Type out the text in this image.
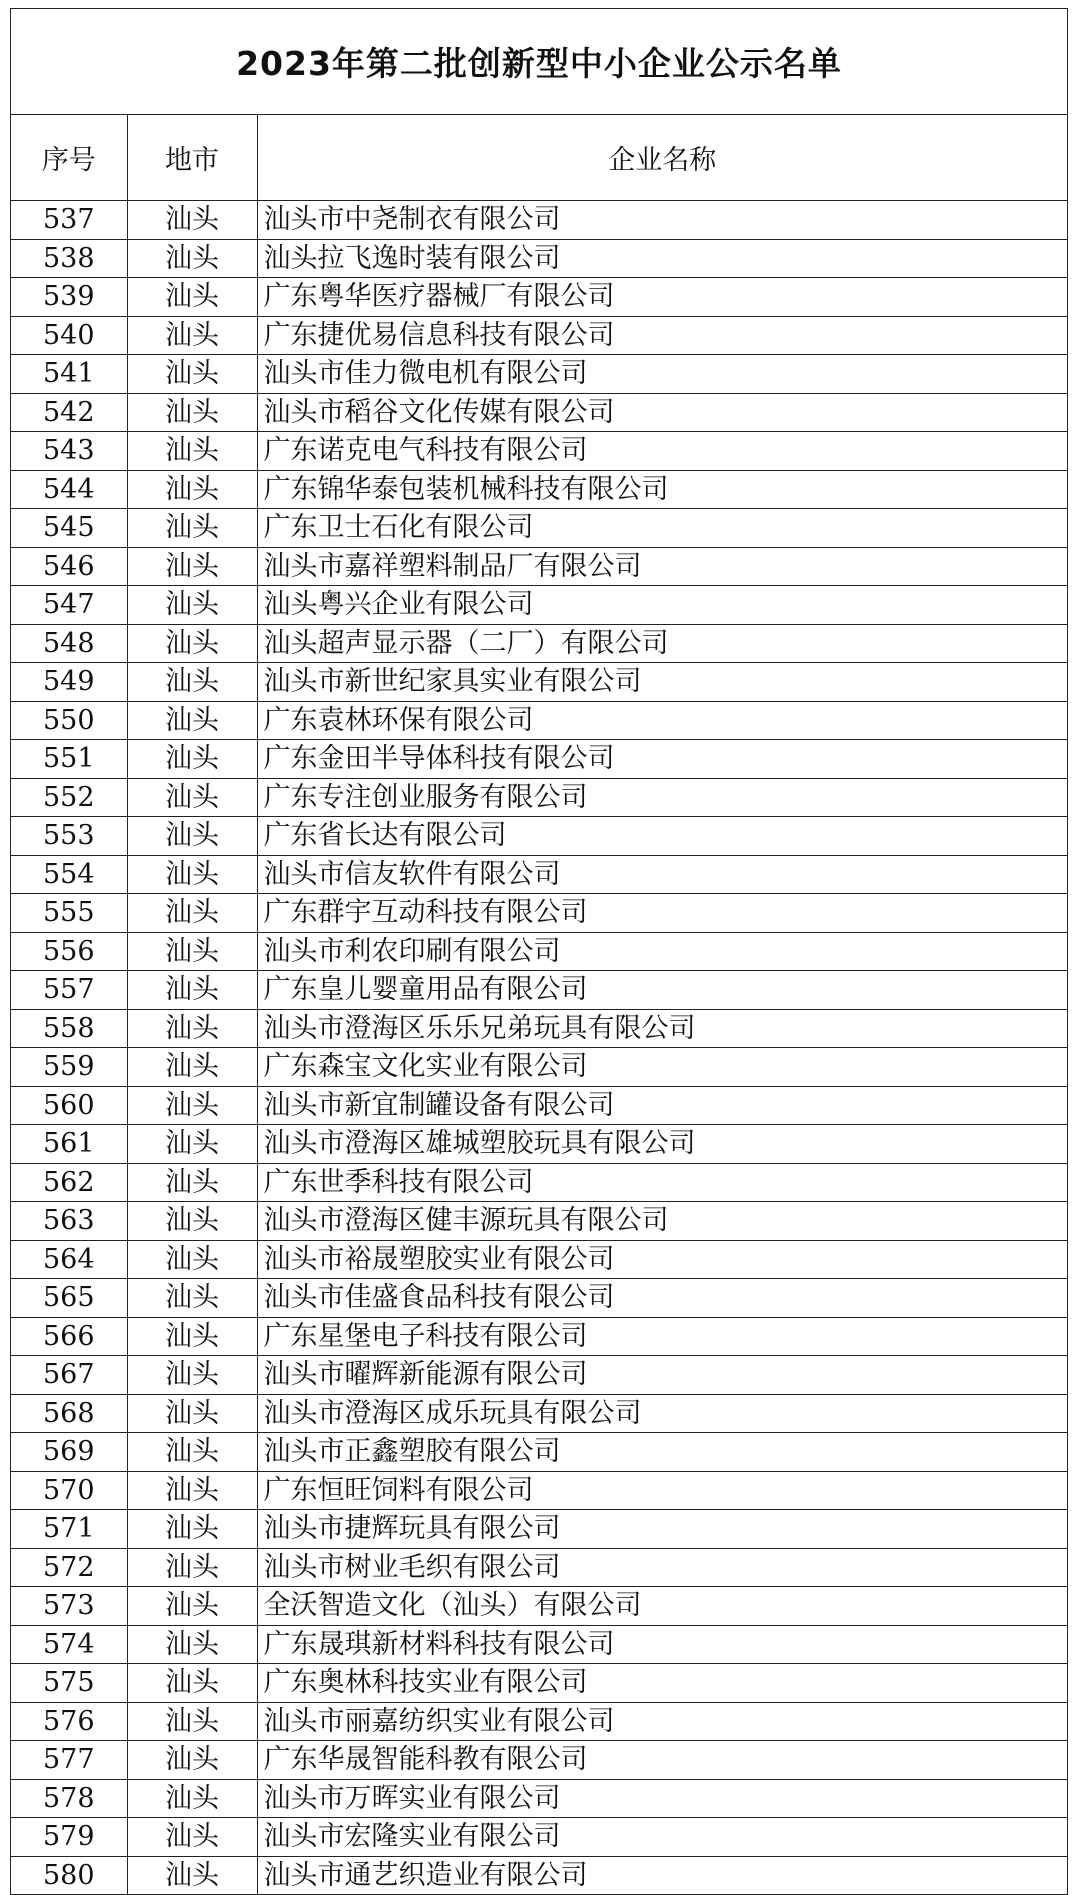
2023年第二批创新型中小企业公示名单
序号	地市	企业名称
537	汕头	汕头市中尧制衣有限公司
538	汕头	汕头拉飞逸时装有限公司
539	汕头	广东粤华医疗器械厂有限公司
540	汕头	广东捷优易信息科技有限公司
541	汕头	汕头市佳力微电机有限公司
542	汕头	汕头市稻谷文化传媒有限公司
543	汕头	广东诺克电气科技有限公司
544	汕头	广东锦华泰包装机械科技有限公司
545	汕头	广东卫士石化有限公司
546	汕头	汕头市嘉祥塑料制品厂有限公司
547	汕头	汕头粤兴企业有限公司
548	汕头	汕头超声显示器（二厂）有限公司
549	汕头	汕头市新世纪家具实业有限公司
550	汕头	广东袁林环保有限公司
551	汕头	广东金田半导体科技有限公司
552	汕头	广东专注创业服务有限公司
553	汕头	广东省长达有限公司
554	汕头	汕头市信友软件有限公司
555	汕头	广东群宇互动科技有限公司
556	汕头	汕头市利农印刷有限公司
557	汕头	广东皇儿婴童用品有限公司
558	汕头	汕头市澄海区乐乐兄弟玩具有限公司
559	汕头	广东森宝文化实业有限公司
560	汕头	汕头市新宜制罐设备有限公司
561	汕头	汕头市澄海区雄城塑胶玩具有限公司
562	汕头	广东世季科技有限公司
563	汕头	汕头市澄海区健丰源玩具有限公司
564	汕头	汕头市裕晟塑胶实业有限公司
565	汕头	汕头市佳盛食品科技有限公司
566	汕头	广东星堡电子科技有限公司
567	汕头	汕头市曜辉新能源有限公司
568	汕头	汕头市澄海区成乐玩具有限公司
569	汕头	汕头市正鑫塑胶有限公司
570	汕头	广东恒旺饲料有限公司
571	汕头	汕头市捷辉玩具有限公司
572	汕头	汕头市树业毛织有限公司
573	汕头	全沃智造文化（汕头）有限公司
574	汕头	广东晟琪新材料科技有限公司
575	汕头	广东奥林科技实业有限公司
576	汕头	汕头市丽嘉纺织实业有限公司
577	汕头	广东华晟智能科教有限公司
578	汕头	汕头市万晖实业有限公司
579	汕头	汕头市宏隆实业有限公司
580	汕头	汕头市通艺织造业有限公司
